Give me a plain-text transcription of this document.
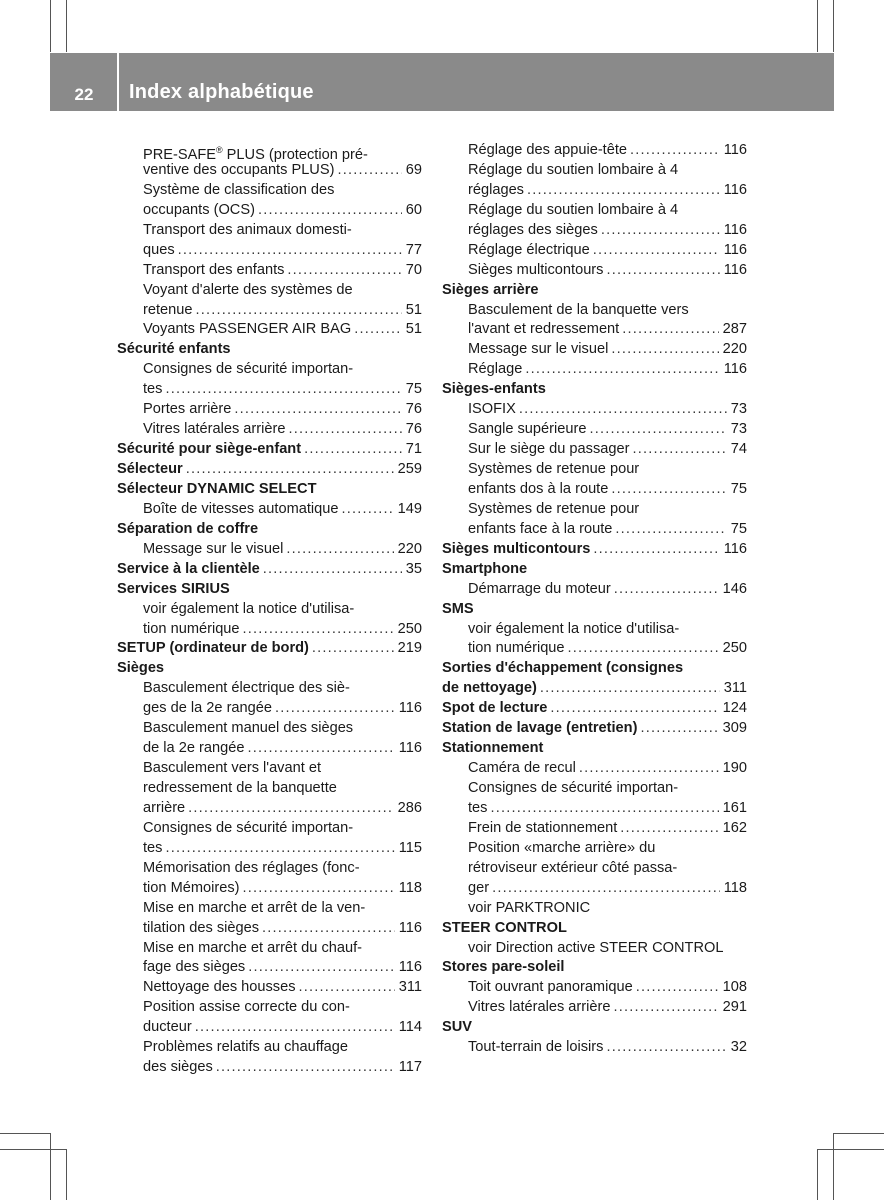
22	Index alphabétique
PRE-SAFE® PLUS (protection pré-
ventive des occupants PLUS) .....	69
Système de classification des
occupants (OCS) .....	60
Transport des animaux domesti-
ques .....	77
Transport des enfants .....	70
Voyant d'alerte des systèmes de
retenue .....	51
Voyants PASSENGER AIR BAG .....	51
Sécurité enfants
Consignes de sécurité importan-
tes .....	75
Portes arrière .....	76
Vitres latérales arrière .....	76
Sécurité pour siège-enfant .....	71
Sélecteur .....	259
Sélecteur DYNAMIC SELECT
Boîte de vitesses automatique .....	149
Séparation de coffre
Message sur le visuel .....	220
Service à la clientèle .....	35
Services SIRIUS
voir également la notice d'utilisa-
tion numérique .....	250
SETUP (ordinateur de bord) .....	219
Sièges
Basculement électrique des siè-
ges de la 2e rangée .....	116
Basculement manuel des sièges
de la 2e rangée .....	116
Basculement vers l'avant et
redressement de la banquette
arrière .....	286
Consignes de sécurité importan-
tes .....	115
Mémorisation des réglages (fonc-
tion Mémoires) .....	118
Mise en marche et arrêt de la ven-
tilation des sièges .....	116
Mise en marche et arrêt du chauf-
fage des sièges .....	116
Nettoyage des housses .....	311
Position assise correcte du con-
ducteur .....	114
Problèmes relatifs au chauffage
des sièges .....	117
Réglage des appuie-tête .....	116
Réglage du soutien lombaire à 4
réglages .....	116
Réglage du soutien lombaire à 4
réglages des sièges .....	116
Réglage électrique .....	116
Sièges multicontours .....	116
Sièges arrière
Basculement de la banquette vers
l'avant et redressement .....	287
Message sur le visuel .....	220
Réglage .....	116
Sièges-enfants
ISOFIX .....	73
Sangle supérieure .....	73
Sur le siège du passager .....	74
Systèmes de retenue pour
enfants dos à la route .....	75
Systèmes de retenue pour
enfants face à la route .....	75
Sièges multicontours .....	116
Smartphone
Démarrage du moteur .....	146
SMS
voir également la notice d'utilisa-
tion numérique .....	250
Sorties d'échappement (consignes
de nettoyage) .....	311
Spot de lecture .....	124
Station de lavage (entretien) .....	309
Stationnement
Caméra de recul .....	190
Consignes de sécurité importan-
tes .....	161
Frein de stationnement .....	162
Position «marche arrière» du
rétroviseur extérieur côté passa-
ger .....	118
voir PARKTRONIC
STEER CONTROL
voir Direction active STEER CONTROL
Stores pare-soleil
Toit ouvrant panoramique .....	108
Vitres latérales arrière .....	291
SUV
Tout-terrain de loisirs .....	32
